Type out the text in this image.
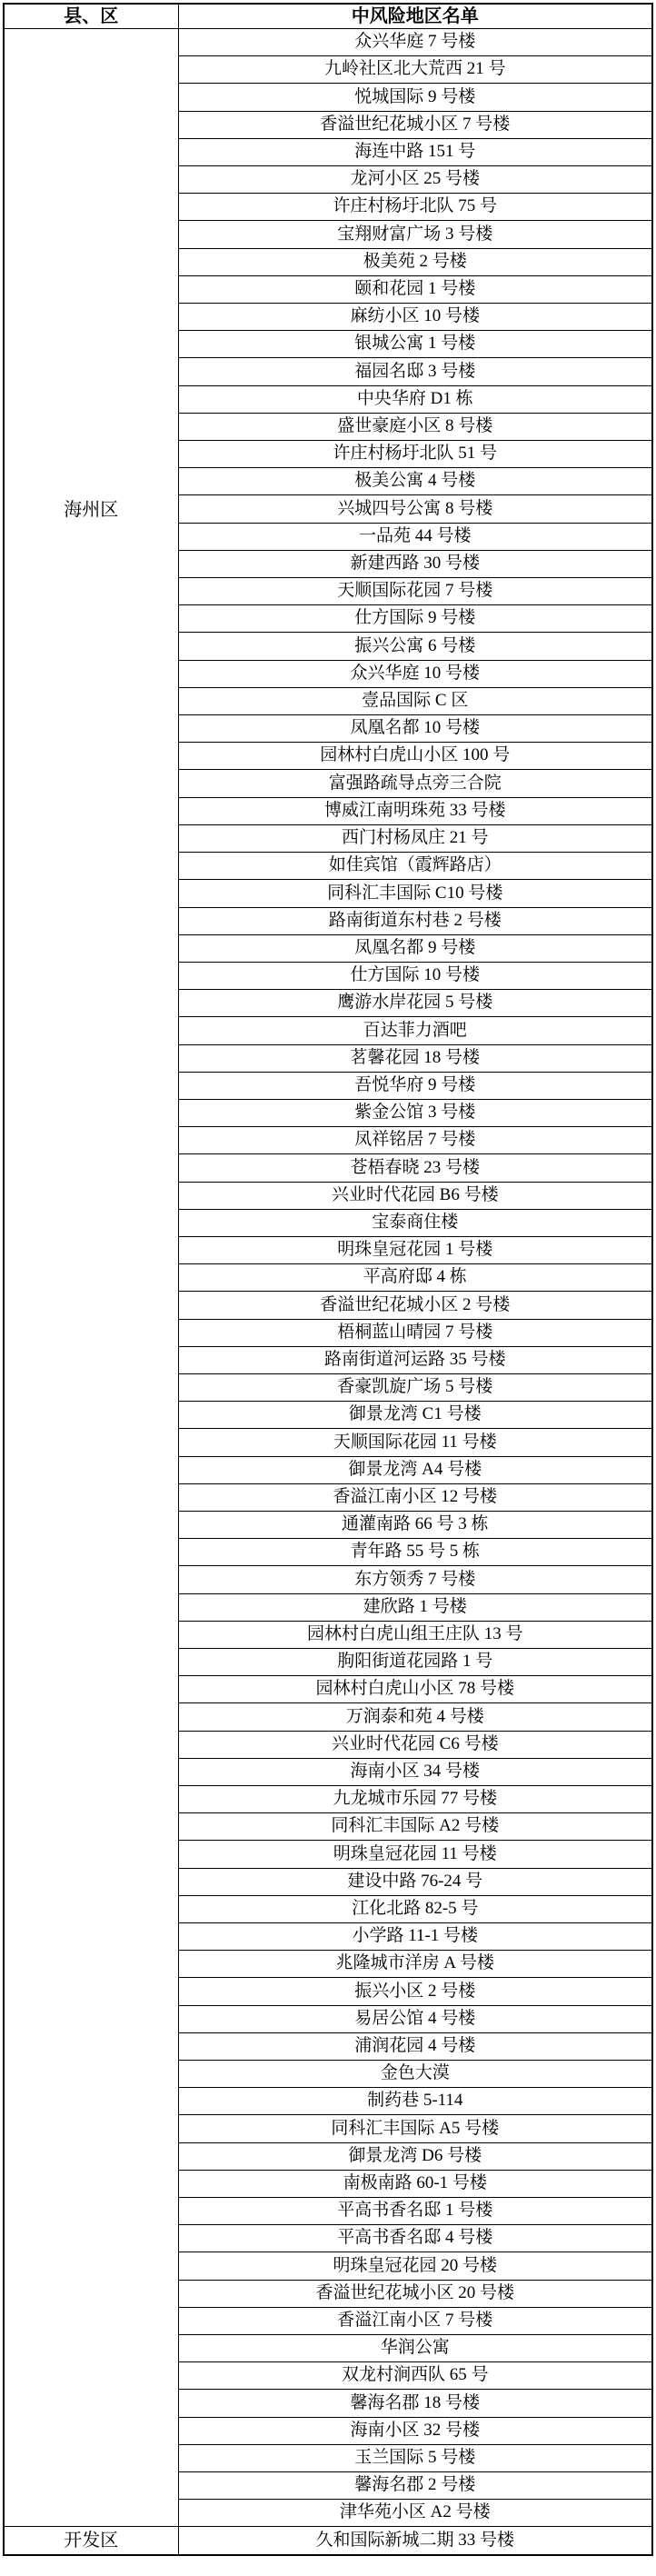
县、区	中风险地区名单

海州区	众兴华庭 7 号楼
	九岭社区北大荒西 21 号
	悦城国际 9 号楼
	香溢世纪花城小区 7 号楼
	海连中路 151 号
	龙河小区 25 号楼
	许庄村杨圩北队 75 号
	宝翔财富广场 3 号楼
	极美苑 2 号楼
	颐和花园 1 号楼
	麻纺小区 10 号楼
	银城公寓 1 号楼
	福园名邸 3 号楼
	中央华府 D1 栋
	盛世豪庭小区 8 号楼
	许庄村杨圩北队 51 号
	极美公寓 4 号楼
	兴城四号公寓 8 号楼
	一品苑 44 号楼
	新建西路 30 号楼
	天顺国际花园 7 号楼
	仕方国际 9 号楼
	振兴公寓 6 号楼
	众兴华庭 10 号楼
	壹品国际 C 区
	凤凰名都 10 号楼
	园林村白虎山小区 100 号
	富强路疏导点旁三合院
	博威江南明珠苑 33 号楼
	西门村杨凤庄 21 号
	如佳宾馆（霞辉路店）
	同科汇丰国际 C10 号楼
	路南街道东村巷 2 号楼
	凤凰名都 9 号楼
	仕方国际 10 号楼
	鹰游水岸花园 5 号楼
	百达菲力酒吧
	茗馨花园 18 号楼
	吾悦华府 9 号楼
	紫金公馆 3 号楼
	凤祥铭居 7 号楼
	苍梧春晓 23 号楼
	兴业时代花园 B6 号楼
	宝泰商住楼
	明珠皇冠花园 1 号楼
	平高府邸 4 栋
	香溢世纪花城小区 2 号楼
	梧桐蓝山晴园 7 号楼
	路南街道河运路 35 号楼
	香豪凯旋广场 5 号楼
	御景龙湾 C1 号楼
	天顺国际花园 11 号楼
	御景龙湾 A4 号楼
	香溢江南小区 12 号楼
	通灌南路 66 号 3 栋
	青年路 55 号 5 栋
	东方领秀 7 号楼
	建欣路 1 号楼
	园林村白虎山组王庄队 13 号
	朐阳街道花园路 1 号
	园林村白虎山小区 78 号楼
	万润泰和苑 4 号楼
	兴业时代花园 C6 号楼
	海南小区 34 号楼
	九龙城市乐园 77 号楼
	同科汇丰国际 A2 号楼
	明珠皇冠花园 11 号楼
	建设中路 76-24 号
	江化北路 82-5 号
	小学路 11-1 号楼
	兆隆城市洋房 A 号楼
	振兴小区 2 号楼
	易居公馆 4 号楼
	浦润花园 4 号楼
	金色大漠
	制药巷 5-114
	同科汇丰国际 A5 号楼
	御景龙湾 D6 号楼
	南极南路 60-1 号楼
	平高书香名邸 1 号楼
	平高书香名邸 4 号楼
	明珠皇冠花园 20 号楼
	香溢世纪花城小区 20 号楼
	香溢江南小区 7 号楼
	华润公寓
	双龙村涧西队 65 号
	馨海名郡 18 号楼
	海南小区 32 号楼
	玉兰国际 5 号楼
	馨海名郡 2 号楼
	津华苑小区 A2 号楼

开发区	久和国际新城二期 33 号楼
